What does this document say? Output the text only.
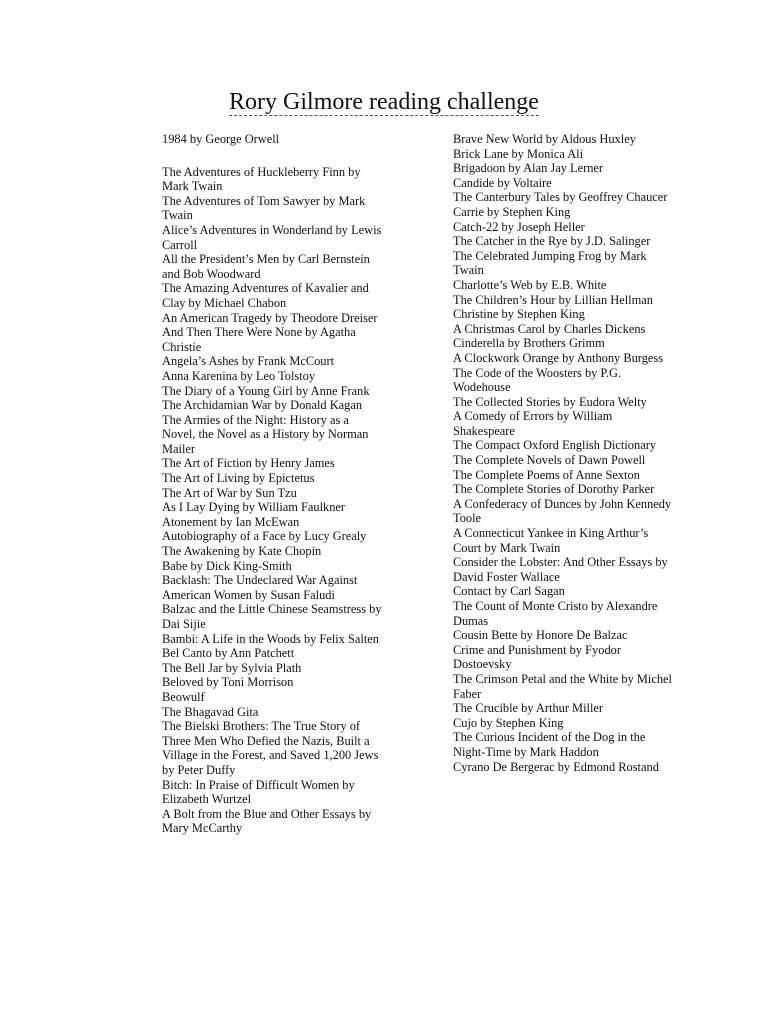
Rory Gilmore reading challenge
1984 by George Orwell
The Adventures of Huckleberry Finn by Mark Twain
The Adventures of Tom Sawyer by Mark Twain
Alice’s Adventures in Wonderland by Lewis Carroll
All the President’s Men by Carl Bernstein and Bob Woodward
The Amazing Adventures of Kavalier and Clay by Michael Chabon
An American Tragedy by Theodore Dreiser
And Then There Were None by Agatha Christie
Angela’s Ashes by Frank McCourt
Anna Karenina by Leo Tolstoy
The Diary of a Young Girl by Anne Frank
The Archidamian War by Donald Kagan
The Armies of the Night: History as a Novel, the Novel as a History by Norman Mailer
The Art of Fiction by Henry James
The Art of Living by Epictetus
The Art of War by Sun Tzu
As I Lay Dying by William Faulkner
Atonement by Ian McEwan
Autobiography of a Face by Lucy Grealy
The Awakening by Kate Chopin
Babe by Dick King-Smith
Backlash: The Undeclared War Against American Women by Susan Faludi
Balzac and the Little Chinese Seamstress by Dai Sijie
Bambi: A Life in the Woods by Felix Salten
Bel Canto by Ann Patchett
The Bell Jar by Sylvia Plath
Beloved by Toni Morrison
Beowulf
The Bhagavad Gita
The Bielski Brothers: The True Story of Three Men Who Defied the Nazis, Built a Village in the Forest, and Saved 1,200 Jews by Peter Duffy
Bitch: In Praise of Difficult Women by Elizabeth Wurtzel
A Bolt from the Blue and Other Essays by Mary McCarthy
Brave New World by Aldous Huxley
Brick Lane by Monica Ali
Brigadoon by Alan Jay Lerner
Candide by Voltaire
The Canterbury Tales by Geoffrey Chaucer
Carrie by Stephen King
Catch-22 by Joseph Heller
The Catcher in the Rye by J.D. Salinger
The Celebrated Jumping Frog by Mark Twain
Charlotte’s Web by E.B. White
The Children’s Hour by Lillian Hellman
Christine by Stephen King
A Christmas Carol by Charles Dickens
Cinderella by Brothers Grimm
A Clockwork Orange by Anthony Burgess
The Code of the Woosters by P.G. Wodehouse
The Collected Stories by Eudora Welty
A Comedy of Errors by William Shakespeare
The Compact Oxford English Dictionary
The Complete Novels of Dawn Powell
The Complete Poems of Anne Sexton
The Complete Stories of Dorothy Parker
A Confederacy of Dunces by John Kennedy Toole
A Connecticut Yankee in King Arthur’s Court by Mark Twain
Consider the Lobster: And Other Essays by David Foster Wallace
Contact by Carl Sagan
The Count of Monte Cristo by Alexandre Dumas
Cousin Bette by Honore De Balzac
Crime and Punishment by Fyodor Dostoevsky
The Crimson Petal and the White by Michel Faber
The Crucible by Arthur Miller
Cujo by Stephen King
The Curious Incident of the Dog in the Night-Time by Mark Haddon
Cyrano De Bergerac by Edmond Rostand
